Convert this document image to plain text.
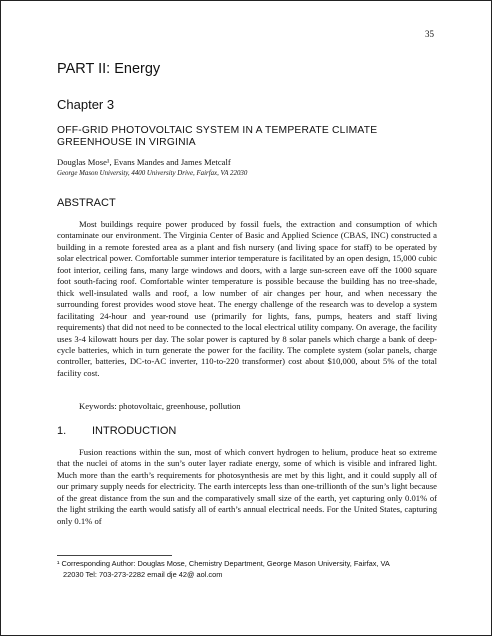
35
PART II: Energy
Chapter 3
OFF-GRID PHOTOVOLTAIC SYSTEM IN A TEMPERATE CLIMATE GREENHOUSE IN VIRGINIA
Douglas Mose¹, Evans Mandes and James Metcalf
George Mason University, 4400 University Drive, Fairfax, VA 22030
ABSTRACT

Most buildings require power produced by fossil fuels, the extraction and consumption of which contaminate our environment. The Virginia Center of Basic and Applied Science (CBAS, INC) constructed a building in a remote forested area as a plant and fish nursery (and living space for staff) to be operated by solar electrical power. Comfortable summer interior temperature is facilitated by an open design, 15,000 cubic foot interior, ceiling fans, many large windows and doors, with a large sun-screen eave off the 1000 square foot south-facing roof. Comfortable winter temperature is possible because the building has no tree-shade, thick well-insulated walls and roof, a low number of air changes per hour, and when necessary the surrounding forest provides wood stove heat. The energy challenge of the research was to develop a system facilitating 24-hour and year-round use (primarily for lights, fans, pumps, heaters and staff living requirements) that did not need to be connected to the local electrical utility company. On average, the facility uses 3-4 kilowatt hours per day. The solar power is captured by 8 solar panels which charge a bank of deep-cycle batteries, which in turn generate the power for the facility. The complete system (solar panels, charge controller, batteries, DC-to-AC inverter, 110-to-220 transformer) cost about $10,000, about 5% of the total facility cost.

Keywords: photovoltaic, greenhouse, pollution

1. INTRODUCTION

Fusion reactions within the sun, most of which convert hydrogen to helium, produce heat so extreme that the nuclei of atoms in the sun’s outer layer radiate energy, some of which is visible and infrared light. Much more than the earth’s requirements for photosynthesis are met by this light, and it could supply all of our primary supply needs for electricity. The earth intercepts less than one-trillionth of the sun’s light because of the great distance from the sun and the comparatively small size of the earth, yet capturing only 0.01% of the light striking the earth would satisfy all of earth’s annual electrical needs. For the United States, capturing only 0.1% of

¹ Corresponding Author: Douglas Mose, Chemistry Department, George Mason University, Fairfax, VA
22030 Tel: 703-273-2282 email dje 42@ aol.com
